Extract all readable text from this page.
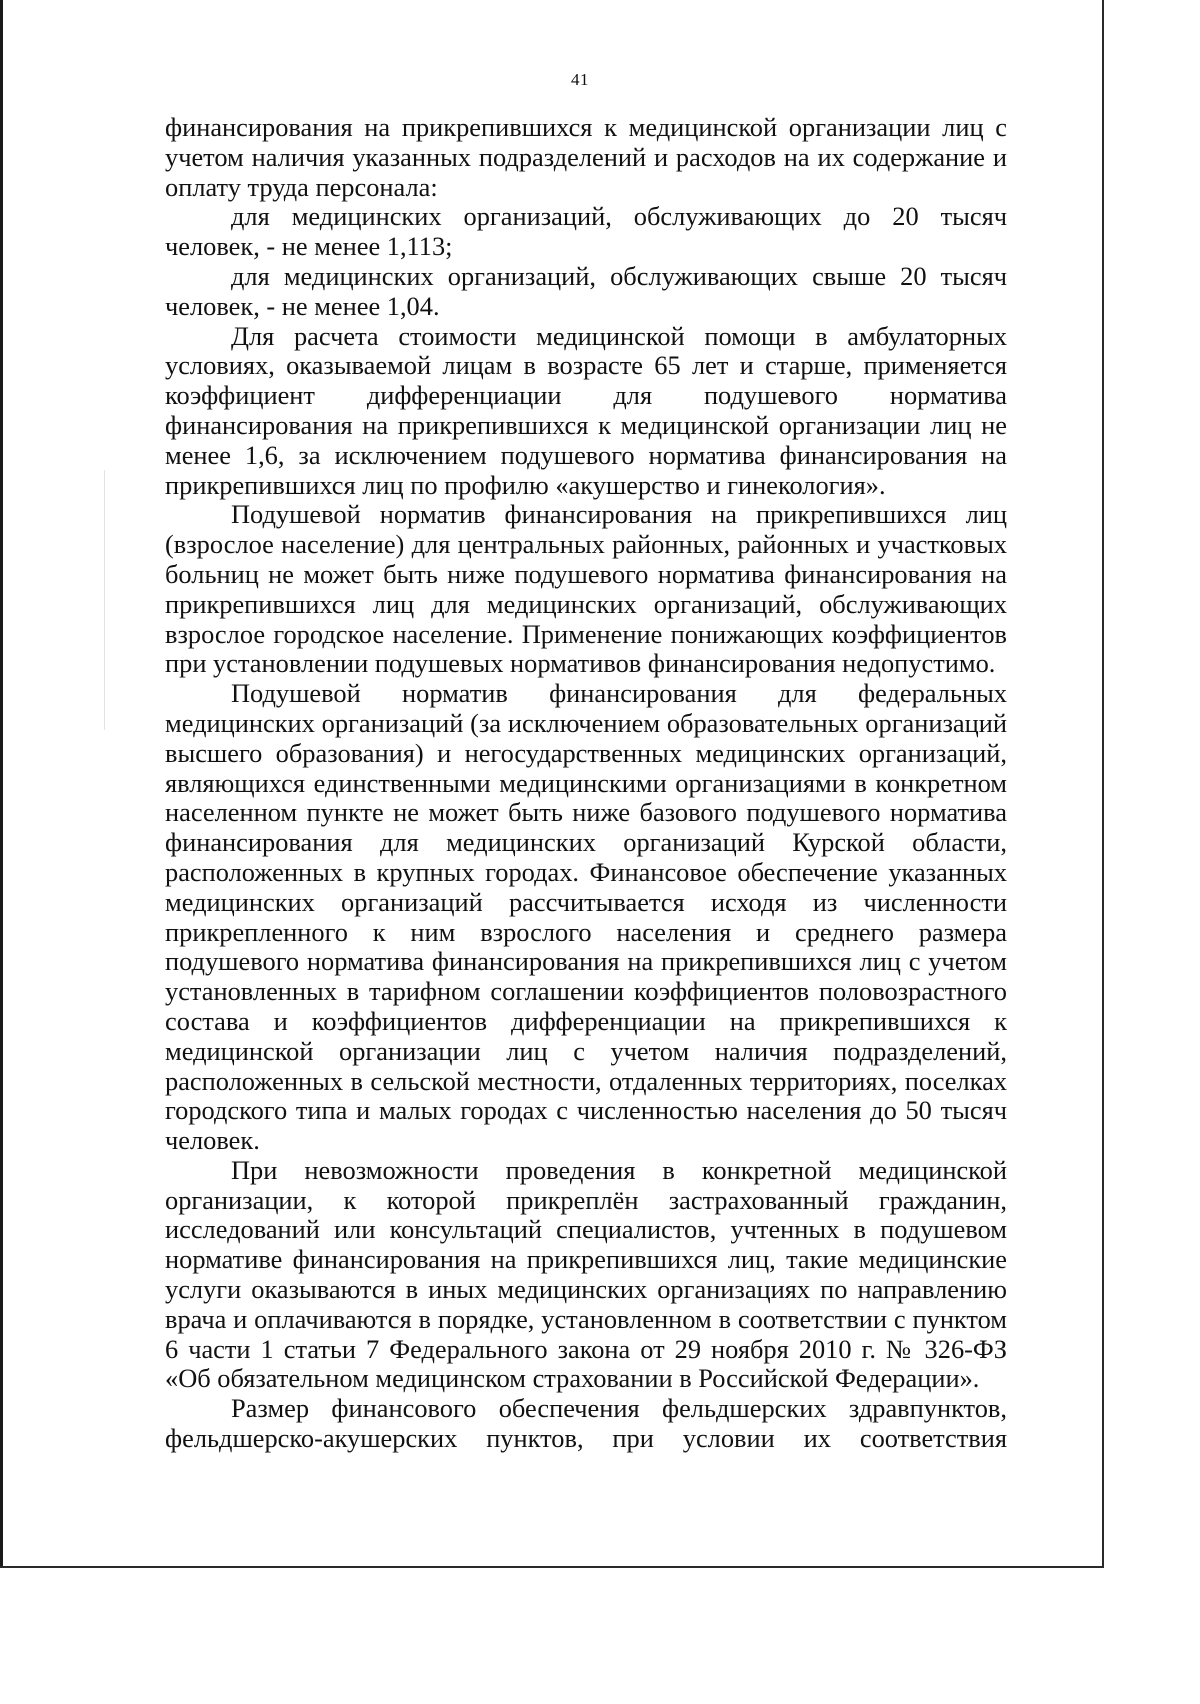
41

финансирования на прикрепившихся к медицинской организации лиц с учетом наличия указанных подразделений и расходов на их содержание и оплату труда персонала:

для медицинских организаций, обслуживающих до 20 тысяч человек, - не менее 1,113;

для медицинских организаций, обслуживающих свыше 20 тысяч человек, - не менее 1,04.

Для расчета стоимости медицинской помощи в амбулаторных условиях, оказываемой лицам в возрасте 65 лет и старше, применяется коэффициент дифференциации для подушевого норматива финансирования на прикрепившихся к медицинской организации лиц не менее 1,6, за исключением подушевого норматива финансирования на прикрепившихся лиц по профилю «акушерство и гинекология».

Подушевой норматив финансирования на прикрепившихся лиц (взрослое население) для центральных районных, районных и участковых больниц не может быть ниже подушевого норматива финансирования на прикрепившихся лиц для медицинских организаций, обслуживающих взрослое городское население. Применение понижающих коэффициентов при установлении подушевых нормативов финансирования недопустимо.

Подушевой норматив финансирования для федеральных медицинских организаций (за исключением образовательных организаций высшего образования) и негосударственных медицинских организаций, являющихся единственными медицинскими организациями в конкретном населенном пункте не может быть ниже базового подушевого норматива финансирования для медицинских организаций Курской области, расположенных в крупных городах. Финансовое обеспечение указанных медицинских организаций рассчитывается исходя из численности прикрепленного к ним взрослого населения и среднего размера подушевого норматива финансирования на прикрепившихся лиц с учетом установленных в тарифном соглашении коэффициентов половозрастного состава и коэффициентов дифференциации на прикрепившихся к медицинской организации лиц с учетом наличия подразделений, расположенных в сельской местности, отдаленных территориях, поселках городского типа и малых городах с численностью населения до 50 тысяч человек.

При невозможности проведения в конкретной медицинской организации, к которой прикреплён застрахованный гражданин, исследований или консультаций специалистов, учтенных в подушевом нормативе финансирования на прикрепившихся лиц, такие медицинские услуги оказываются в иных медицинских организациях по направлению врача и оплачиваются в порядке, установленном в соответствии с пунктом 6 части 1 статьи 7 Федерального закона от 29 ноября 2010 г. № 326-ФЗ «Об обязательном медицинском страховании в Российской Федерации».

Размер финансового обеспечения фельдшерских здравпунктов, фельдшерско-акушерских пунктов, при условии их соответствия
